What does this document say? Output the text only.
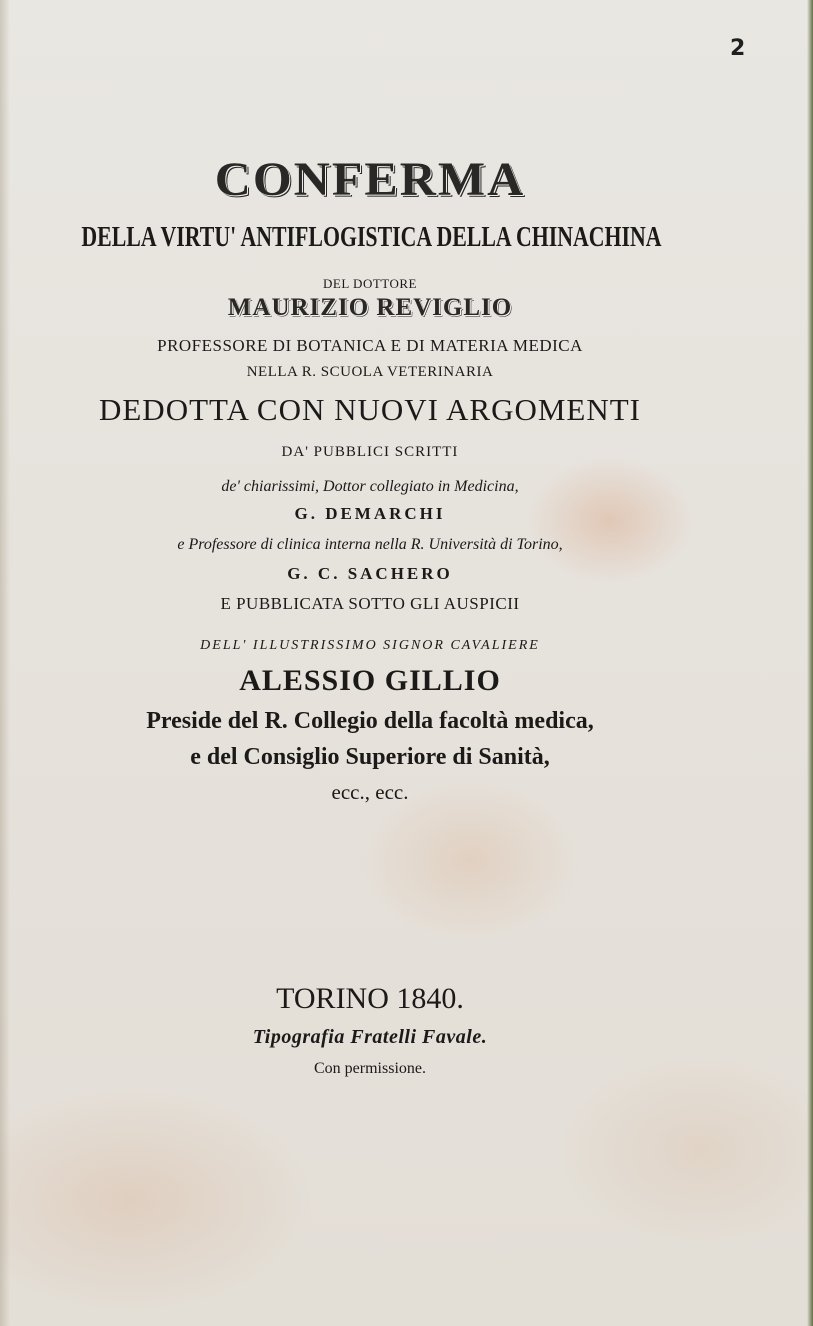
2
CONFERMA
DELLA VIRTU' ANTIFLOGISTICA DELLA CHINACHINA
DEL DOTTORE
MAURIZIO REVIGLIO
PROFESSORE DI BOTANICA E DI MATERIA MEDICA
NELLA R. SCUOLA VETERINARIA
DEDOTTA CON NUOVI ARGOMENTI
DA' PUBBLICI SCRITTI
de' chiarissimi, Dottor collegiato in Medicina,
G. DEMARCHI
e Professore di clinica interna nella R. Università di Torino,
G. C. SACHERO
E PUBBLICATA SOTTO GLI AUSPICII
DELL' ILLUSTRISSIMO SIGNOR CAVALIERE
ALESSIO GILLIO
Preside del R. Collegio della facoltà medica,
e del Consiglio Superiore di Sanità,
ecc., ecc.
TORINO 1840.
Tipografia Fratelli Favale.
Con permissione.
